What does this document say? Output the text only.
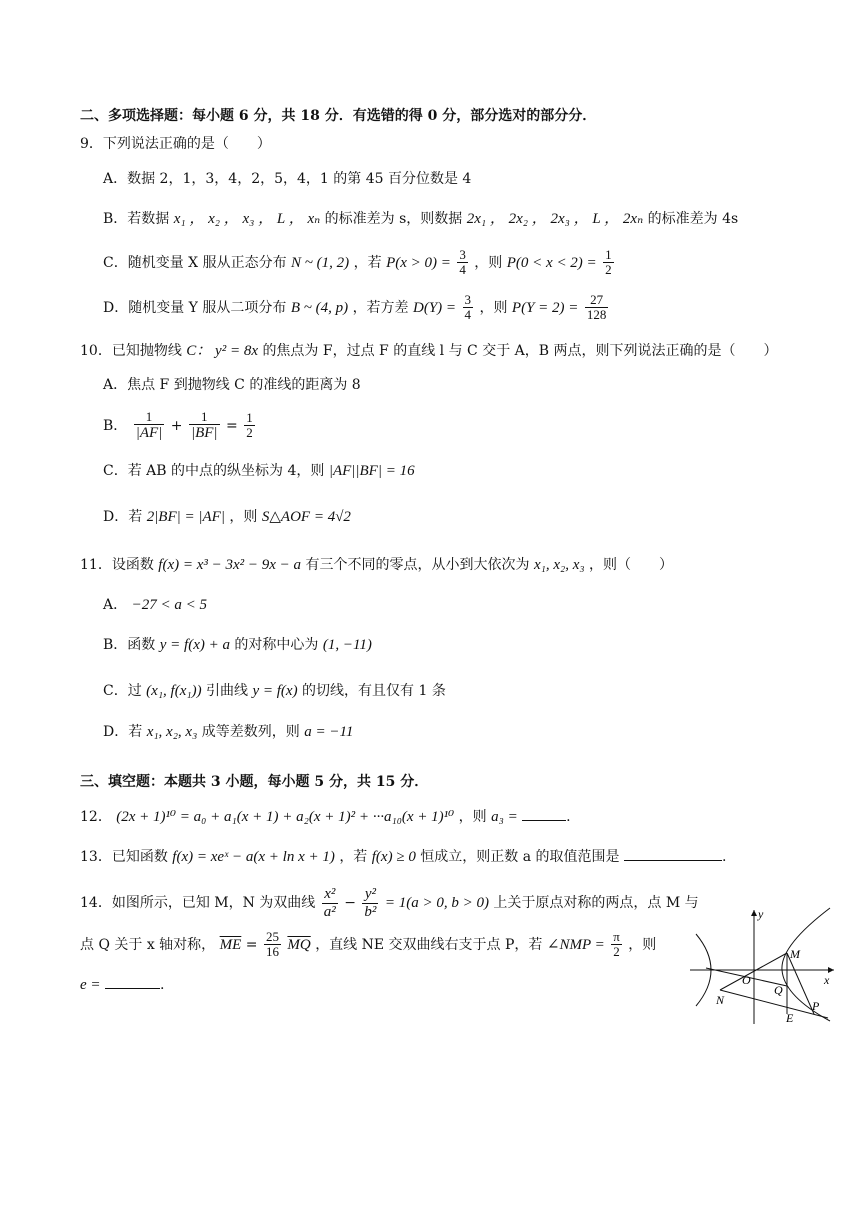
二、多项选择题：每小题 6 分，共 18 分．有选错的得 0 分，部分选对的部分分．
9．下列说法正确的是（　　）
A．数据 2，1，3，4，2，5，4，1 的第 45 百分位数是 4
B．若数据 x₁ ， x₂ ， x₃ ， L ， xₙ 的标准差为 s，则数据 2x₁ ， 2x₂ ， 2x₃ ， L ， 2xₙ 的标准差为 4s
C．随机变量 X 服从正态分布 N ~ (1, 2) ，若 $P(x > 0) = \frac{3}{4}$ ，则 $P(0 < x < 2) = \frac{1}{2}$
D．随机变量 Y 服从二项分布 B ~ (4, p) ，若方差 $D(Y) = \frac{3}{4}$ ，则 $P(Y = 2) = \frac{27}{128}$
10．已知抛物线 C： y² = 8x 的焦点为 F，过点 F 的直线 l 与 C 交于 A，B 两点，则下列说法正确的是（　　）
A．焦点 F 到抛物线 C 的准线的距离为 8
B． $\frac{1}{|AF|} + \frac{1}{|BF|} = \frac{1}{2}$
C．若 AB 的中点的纵坐标为 4，则 |AF||BF| = 16
D．若 2|BF| = |AF| ，则 S△AOF = 4√2
11．设函数 f(x) = x³ − 3x² − 9x − a 有三个不同的零点，从小到大依次为 x₁, x₂, x₃ ，则（　　）
A． −27 < a < 5
B．函数 y = f(x) + a 的对称中心为 (1, −11)
C．过 (x₁, f(x₁)) 引曲线 y = f(x) 的切线，有且仅有 1 条
D．若 x₁, x₂, x₃ 成等差数列，则 a = −11
三、填空题：本题共 3 小题，每小题 5 分，共 15 分．
12． (2x + 1)¹⁰ = a₀ + a₁(x + 1) + a₂(x + 1)² + ···a₁₀(x + 1)¹⁰ ，则 a₃ =	.
13．已知函数 f(x) = xeˣ − a(x + ln x + 1) ，若 f(x) ≥ 0 恒成立，则正数 a 的取值范围是	.
14．如图所示，已知 M，N 为双曲线 $\frac{\text{x²}}{\text{a²}} - \frac{\text{y²}}{\text{b²}} = 1(a > 0$, b > 0) 上关于原点对称的两点，点 M 与
点 Q 关于 x 轴对称， $\overline{ME} = \frac{25}{16} \overline{MQ}$ ，直线 NE 交双曲线右支于点 P，若 ∠NMP = $\frac{\pi}{2}$ ，则
e =	.
y
x
O
M
N
Q
P
E
